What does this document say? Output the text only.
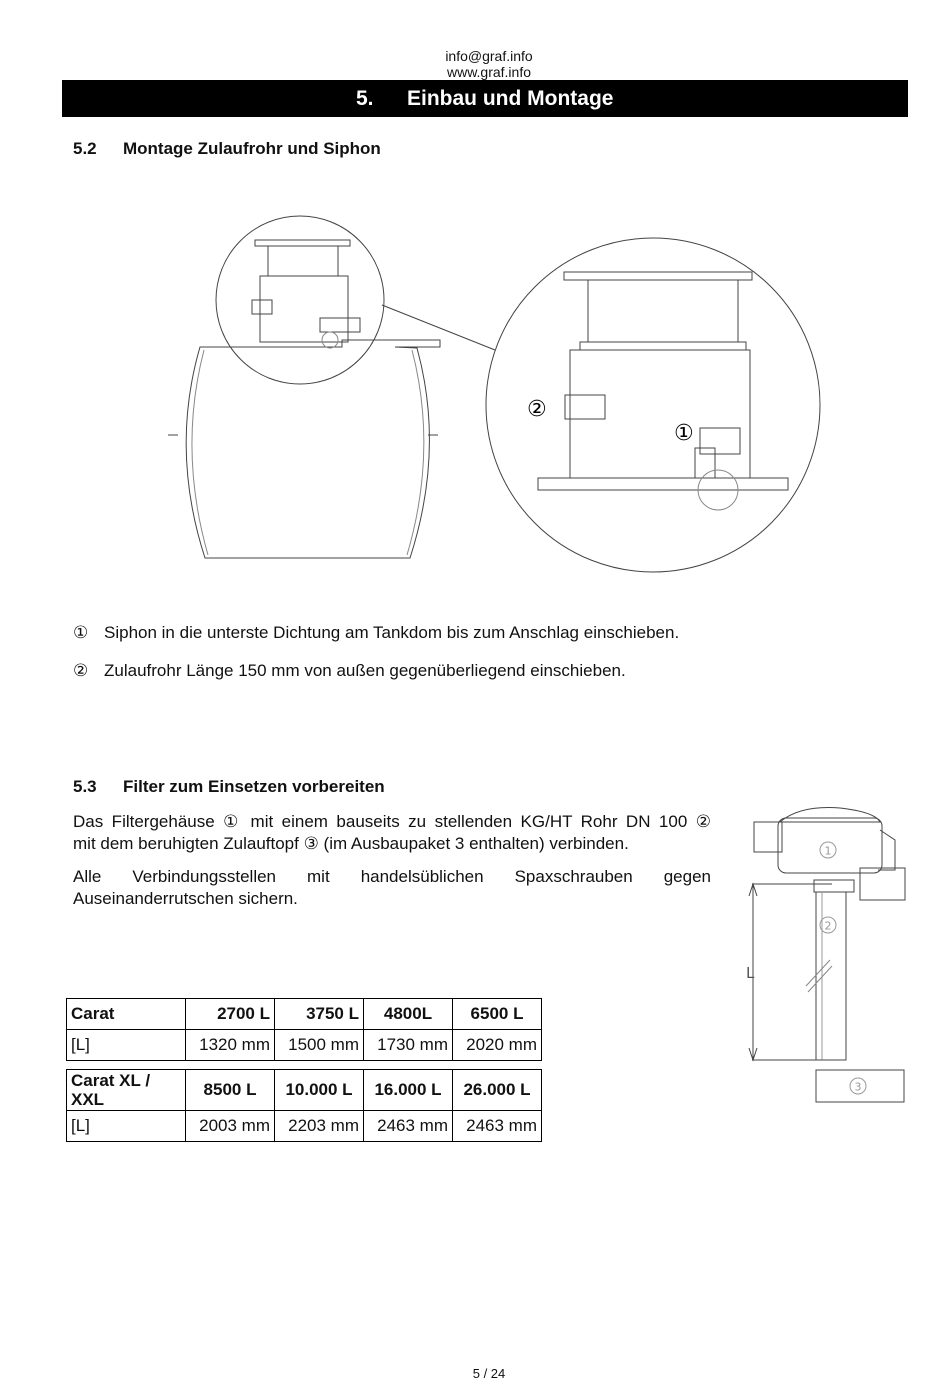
info@graf.info
www.graf.info
5. Einbau und Montage
5.2 Montage Zulaufrohr und Siphon
②
①
① Siphon in die unterste Dichtung am Tankdom bis zum Anschlag einschieben.
② Zulaufrohr Länge 150 mm von außen gegenüberliegend einschieben.
5.3 Filter zum Einsetzen vorbereiten
Das Filtergehäuse ① mit einem bauseits zu stellenden KG/HT Rohr DN 100 ②
mit dem beruhigten Zulauftopf ③ (im Ausbaupaket 3 enthalten) verbinden.
Alle Verbindungsstellen mit handelsüblichen Spaxschrauben gegen
Auseinanderrutschen sichern.
1
2
3
L
Carat	2700 L	3750 L	4800L	6500 L
[L]	1320 mm	1500 mm	1730 mm	2020 mm
Carat XL / XXL	8500 L	10.000 L	16.000 L	26.000 L
[L]	2003 mm	2203 mm	2463 mm	2463 mm
5 / 24
